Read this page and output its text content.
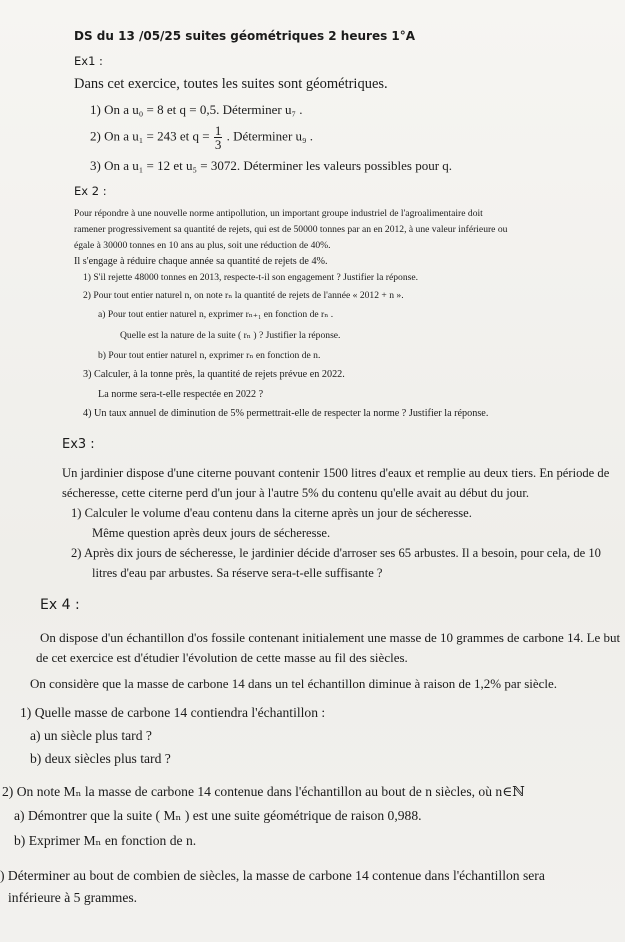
DS du 13 /05/25 suites géométriques 2 heures 1°A
Ex1 :
Dans cet exercice, toutes les suites sont géométriques.
1) On a u₀ = 8 et q = 0,5. Déterminer u₇ .
2) On a u₁ = 243 et $q = \frac{1}{3}$ . Déterminer u₉ .
3) On a u₁ = 12 et u₅ = 3072. Déterminer les valeurs possibles pour q.
Ex 2 :
Pour répondre à une nouvelle norme antipollution, un important groupe industriel de l'agroalimentaire doit
ramener progressivement sa quantité de rejets, qui est de 50000 tonnes par an en 2012, à une valeur inférieure ou
égale à 30000 tonnes en 10 ans au plus, soit une réduction de 40%.
Il s'engage à réduire chaque année sa quantité de rejets de 4%.
1) S'il rejette 48000 tonnes en 2013, respecte-t-il son engagement ? Justifier la réponse.
2) Pour tout entier naturel n, on note rₙ la quantité de rejets de l'année « 2012 + n ».
a) Pour tout entier naturel n, exprimer rₙ₊₁ en fonction de rₙ .
Quelle est la nature de la suite ( rₙ ) ? Justifier la réponse.
b) Pour tout entier naturel n, exprimer rₙ en fonction de n.
3) Calculer, à la tonne près, la quantité de rejets prévue en 2022.
La norme sera-t-elle respectée en 2022 ?
4) Un taux annuel de diminution de 5% permettrait-elle de respecter la norme ? Justifier la réponse.
Ex3 :
Un jardinier dispose d'une citerne pouvant contenir 1500 litres d'eaux et remplie au deux tiers. En période de
sécheresse, cette citerne perd d'un jour à l'autre 5% du contenu qu'elle avait au début du jour.
1) Calculer le volume d'eau contenu dans la citerne après un jour de sécheresse.
Même question après deux jours de sécheresse.
2) Après dix jours de sécheresse, le jardinier décide d'arroser ses 65 arbustes. Il a besoin, pour cela, de 10
litres d'eau par arbustes. Sa réserve sera-t-elle suffisante ?
Ex 4 :
On dispose d'un échantillon d'os fossile contenant initialement une masse de 10 grammes de carbone 14. Le but
de cet exercice est d'étudier l'évolution de cette masse au fil des siècles.
On considère que la masse de carbone 14 dans un tel échantillon diminue à raison de 1,2% par siècle.
1) Quelle masse de carbone 14 contiendra l'échantillon :
a) un siècle plus tard ?
b) deux siècles plus tard ?
2) On note Mₙ la masse de carbone 14 contenue dans l'échantillon au bout de n siècles, où n∈ℕ
a) Démontrer que la suite ( Mₙ ) est une suite géométrique de raison 0,988.
b) Exprimer Mₙ en fonction de n.
) Déterminer au bout de combien de siècles, la masse de carbone 14 contenue dans l'échantillon sera
inférieure à 5 grammes.
